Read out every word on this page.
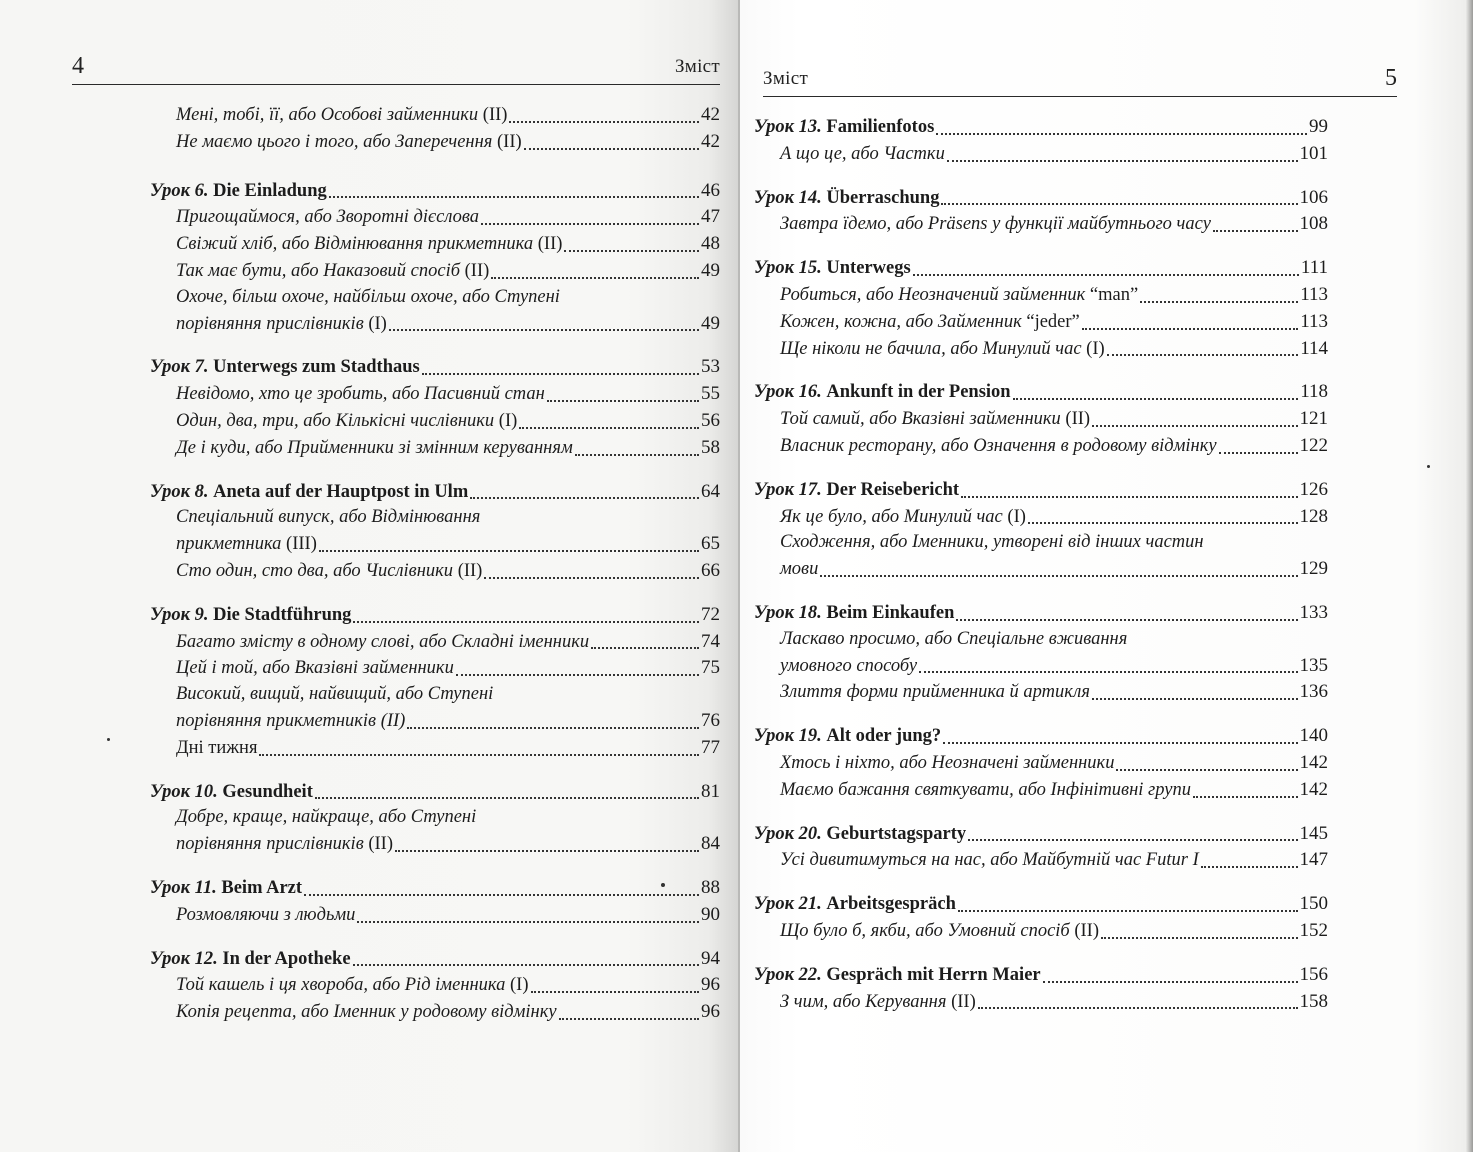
4	Зміст
Мені, тобі, її, або Особові займенники (II)	42
Не маємо цього і того, або Заперечення (II)	42
Урок 6. Die Einladung	46
Пригощаймося, або Зворотні дієслова	47
Свіжий хліб, або Відмінювання прикметника (II)	48
Так має бути, або Наказовий спосіб (II)	49
Охоче, більш охоче, найбільш охоче, або Ступені
порівняння прислівників (I)	49
Урок 7. Unterwegs zum Stadthaus	53
Невідомо, хто це зробить, або Пасивний стан	55
Один, два, три, або Кількісні числівники (I)	56
Де і куди, або Прийменники зі змінним керуванням	58
Урок 8. Aneta auf der Hauptpost in Ulm	64
Спеціальний випуск, або Відмінювання
прикметника (III)	65
Сто один, сто два, або Числівники (II)	66
Урок 9. Die Stadtführung	72
Багато змісту в одному слові, або Складні іменники	74
Цей і той, або Вказівні займенники	75
Високий, вищий, найвищий, або Ступені
порівняння прикметників (II)	76
Дні тижня	77
Урок 10. Gesundheit	81
Добре, краще, найкраще, або Ступені
порівняння прислівників (II)	84
Урок 11. Beim Arzt	88
Розмовляючи з людьми	90
Урок 12. In der Apotheke	94
Той кашель і ця хвороба, або Рід іменника (I)	96
Копія рецепта, або Іменник у родовому відмінку	96
Зміст	5
Урок 13. Familienfotos	99
А що це, або Частки	101
Урок 14. Überraschung	106
Завтра їдемо, або Präsens у функції майбутнього часу	108
Урок 15. Unterwegs	111
Робиться, або Неозначений займенник “man”	113
Кожен, кожна, або Займенник “jeder”	113
Ще ніколи не бачила, або Минулий час (I)	114
Урок 16. Ankunft in der Pension	118
Той самий, або Вказівні займенники (II)	121
Власник ресторану, або Означення в родовому відмінку	122
Урок 17. Der Reisebericht	126
Як це було, або Минулий час (I)	128
Сходження, або Іменники, утворені від інших частин
мови	129
Урок 18. Beim Einkaufen	133
Ласкаво просимо, або Спеціальне вживання
умовного способу	135
Злиття форми прийменника й артикля	136
Урок 19. Alt oder jung?	140
Хтось і ніхто, або Неозначені займенники	142
Маємо бажання святкувати, або Інфінітивні групи	142
Урок 20. Geburtstagsparty	145
Усі дивитимуться на нас, або Майбутній час Futur I	147
Урок 21. Arbeitsgespräch	150
Що було б, якби, або Умовний спосіб (II)	152
Урок 22. Gespräch mit Herrn Maier	156
З чим, або Керування (II)	158
